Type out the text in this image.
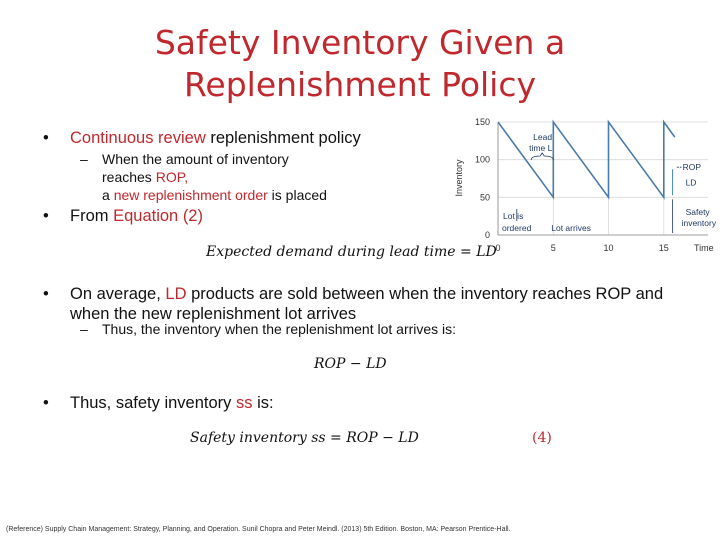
Safety Inventory Given a
Replenishment Policy
• Continuous review replenishment policy
– When the amount of inventory reaches ROP,
a new replenishment order is placed
• From Equation (2)
Expected demand during lead time = LD
• On average, LD products are sold between when the inventory reaches ROP and
when the new replenishment lot arrives
– Thus, the inventory when the replenishment lot arrives is:
ROP − LD
• Thus, safety inventory ss is:
Safety inventory ss = ROP − LD	(4)
0
50
100
150
0	5	10	15	Time
Inventory
Lead
time L
ROP
LD
Safety
inventory
Lot is
ordered Lot arrives
(Reference) Supply Chain Management: Strategy, Planning, and Operation. Sunil Chopra and Peter Meindl. (2013) 5th Edition. Boston, MA: Pearson Prentice-Hall.
